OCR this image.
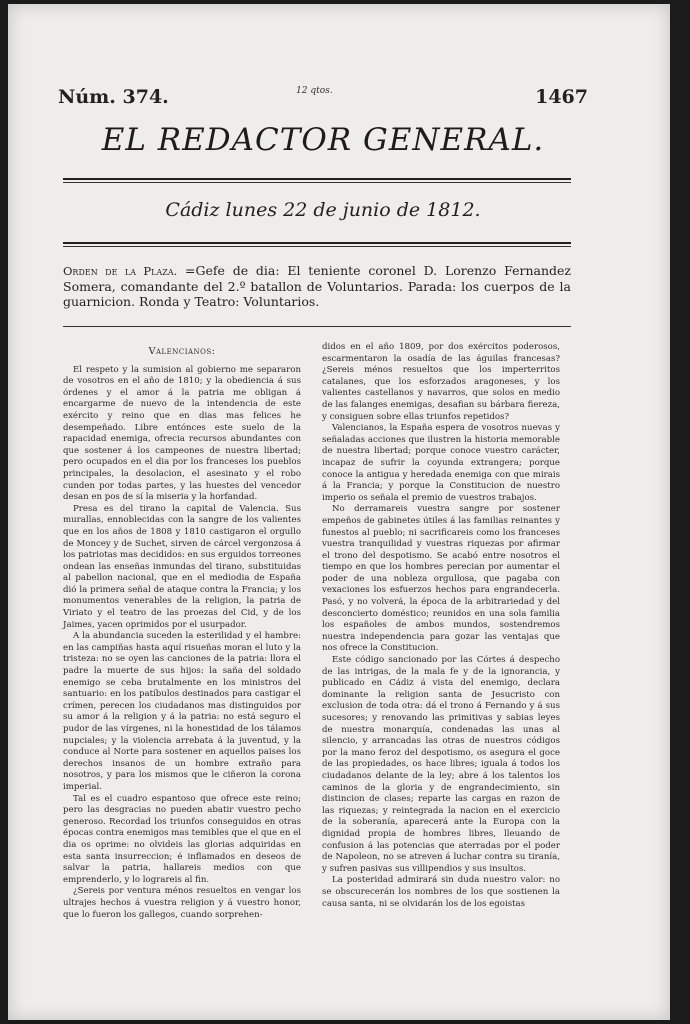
Núm. 374.	12 qtos.	1467
EL REDACTOR GENERAL.
Cádiz lunes 22 de junio de 1812.
Orden de la Plaza. =Gefe de dia: El teniente coronel D. Lorenzo Fernandez Somera, comandante del 2.º batallon de Voluntarios. Parada: los cuerpos de la guarnicion. Ronda y Teatro: Voluntarios.
Valencianos:

El respeto y la sumision al gobierno me separaron de vosotros en el año de 1810; y la obediencia á sus órdenes y el amor á la patria me obligan á encargarme de nuevo de la intendencia de este exército y reino que en dias mas felices he desempeñado. Libre entónces este suelo de la rapacidad enemiga, ofrecia recursos abundantes con que sostener á los campeones de nuestra libertad; pero ocupados en el dia por los franceses los pueblos principales, la desolacion, el asesinato y el robo cunden por todas partes, y las huestes del vencedor desan en pos de sí la miseria y la horfandad.

Presa es del tirano la capital de Valencia. Sus murallas, ennoblecidas con la sangre de los valientes que en los años de 1808 y 1810 castigaron el orgullo de Moncey y de Suchet, sirven de cárcel vergonzosa á los patriotas mas decididos: en sus erguidos torreones ondean las enseñas inmundas del tirano, substituidas al pabellon nacional, que en el mediodia de España dió la primera señal de ataque contra la Francia; y los monumentos venerables de la religion, la patria de Viriato y el teatro de las proezas del Cid, y de los Jaimes, yacen oprimidos por el usurpador.

A la abundancia suceden la esterilidad y el hambre: en las campiñas hasta aquí risueñas moran el luto y la tristeza: no se oyen las canciones de la patria: llora el padre la muerte de sus hijos: la saña del soldado enemigo se ceba brutalmente en los ministros del santuario: en los patíbulos destinados para castigar el crímen, perecen los ciudadanos mas distinguidos por su amor á la religion y á la patria: no está seguro el pudor de las vírgenes, ni la honestidad de los tálamos nupciales; y la violencia arrebata á la juventud, y la conduce al Norte para sostener en aquellos paises los derechos insanos de un hombre extraño para nosotros, y para los mismos que le ciñeron la corona imperial.

Tal es el cuadro espantoso que ofrece este reino; pero las desgracias no pueden abatir vuestro pecho generoso. Recordad los triunfos conseguidos en otras épocas contra enemigos mas temibles que el que en el dia os oprime: no olvideis las glorias adquiridas en esta santa insurreccion; é inflamados en deseos de salvar la patria, hallareis medios con que emprenderlo, y lo lograreis al fin.

¿Sereis por ventura ménos resueltos en vengar los ultrajes hechos á vuestra religion y á vuestro honor, que lo fueron los gallegos, cuando sorprehen-

didos en el año 1809, por dos exércitos poderosos, escarmentaron la osadía de las águilas francesas? ¿Sereis ménos resueltos que los imperterritos catalanes, que los esforzados aragoneses, y los valientes castellanos y navarros, que solos en medio de las falanges enemigas, desafian su bárbara fiereza, y consiguen sobre ellas triunfos repetidos?

Valencianos, la España espera de vosotros nuevas y señaladas acciones que ilustren la historia memorable de nuestra libertad; porque conoce vuestro carácter, incapaz de sufrir la coyunda extrangera; porque conoce la antigua y heredada enemiga con que mirais á la Francia; y porque la Constitucion de nuestro imperio os señala el premio de vuestros trabajos.

No derramareis vuestra sangre por sostener empeños de gabinetes útiles á las familias reinantes y funestos al pueblo; ni sacrificareis como los franceses vuestra tranquilidad y vuestras riquezas por afirmar el trono del despotismo. Se acabó entre nosotros el tiempo en que los hombres perecian por aumentar el poder de una nobleza orgullosa, que pagaba con vexaciones los esfuerzos hechos para engrandecerla. Pasó, y no volverá, la época de la arbitrariedad y del desconcierto doméstico; reunidos en una sola familia los españoles de ambos mundos, sostendremos nuestra independencia para gozar las ventajas que nos ofrece la Constitucion.

Este código sancionado por las Córtes á despecho de las intrigas, de la mala fe y de la ignorancia, y publicado en Cádiz á vista del enemigo, declara dominante la religion santa de Jesucristo con exclusion de toda otra: dá el trono á Fernando y á sus sucesores; y renovando las primitivas y sabias leyes de nuestra monarquía, condenadas las unas al silencio, y arrancadas las otras de nuestros códigos por la mano feroz del despotismo, os asegura el goce de las propiedades, os hace libres; iguala á todos los ciudadanos delante de la ley; abre á los talentos los caminos de la gloria y de engrandecimiento, sin distincion de clases; reparte las cargas en razon de las riquezas; y reintegrada la nacion en el exercicio de la soberanía, aparecerá ante la Europa con la dignidad propia de hombres libres, lleuando de confusion á las potencias que aterradas por el poder de Napoleon, no se atreven á luchar contra su tiranía, y sufren pasivas sus villipendios y sus insultos.

La posteridad admirará sin duda nuestro valor: no se obscurecerán los nombres de los que sostienen la causa santa, ni se olvidarán los de los egoistas
